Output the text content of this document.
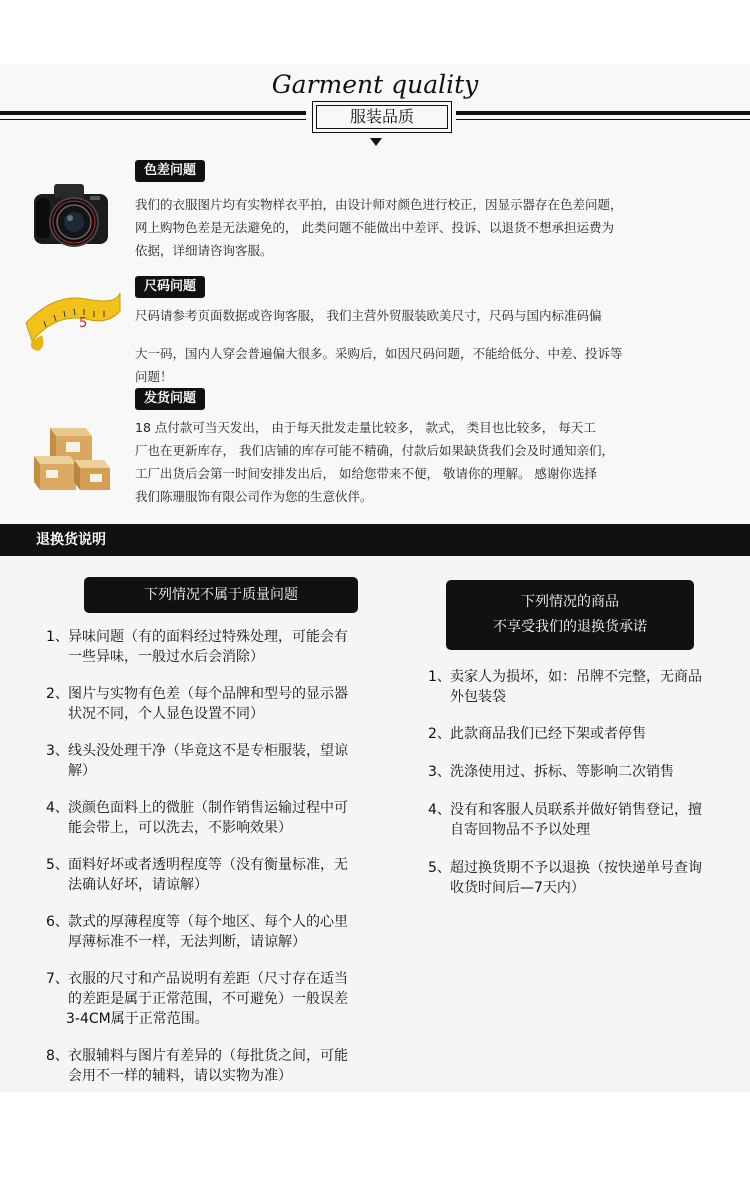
Garment quality
服装品质
色差问题
我们的衣服图片均有实物样衣平拍，由设计师对颜色进行校正，因显示器存在色差问题，
网上购物色差是无法避免的， 此类问题不能做出中差评、投诉、以退货不想承担运费为
依据，详细请咨询客服。
5
尺码问题
尺码请参考页面数据或咨询客服， 我们主营外贸服装欧美尺寸，尺码与国内标准码偏
大一码，国内人穿会普遍偏大很多。采购后，如因尺码问题，不能给低分、中差、投诉等
问题！
发货问题
18 点付款可当天发出， 由于每天批发走量比较多， 款式， 类目也比较多， 每天工
厂也在更新库存， 我们店铺的库存可能不精确，付款后如果缺货我们会及时通知亲们，
工厂出货后会第一时间安排发出后， 如给您带来不便， 敬请你的理解。 感谢你选择
我们陈珊服饰有限公司作为您的生意伙伴。
退换货说明
下列情况不属于质量问题
1、 异味问题（有的面料经过特殊处理，可能会有
一些异味，一般过水后会消除）
2、 图片与实物有色差（每个品牌和型号的显示器
状况不同，个人显色设置不同）
3、 线头没处理干净（毕竟这不是专柜服装，望谅
解）
4、 淡颜色面料上的微脏（制作销售运输过程中可
能会带上，可以洗去，不影响效果）
5、 面料好坏或者透明程度等（没有衡量标准，无
法确认好坏，请谅解）
6、 款式的厚薄程度等（每个地区、每个人的心里
厚薄标准不一样，无法判断，请谅解）
7、 衣服的尺寸和产品说明有差距（尺寸存在适当
的差距是属于正常范围，不可避免）一般误差
3-4CM属于正常范围。
8、 衣服辅料与图片有差异的（每批货之间，可能
会用不一样的辅料，请以实物为准）
下列情况的商品
不享受我们的退换货承诺
1、 卖家人为损坏，如：吊牌不完整，无商品
外包装袋
2、 此款商品我们已经下架或者停售
3、 洗涤使用过、拆标、等影响二次销售
4、 没有和客服人员联系并做好销售登记，擅
自寄回物品不予以处理
5、 超过换货期不予以退换（按快递单号查询
收货时间后—7天内）
